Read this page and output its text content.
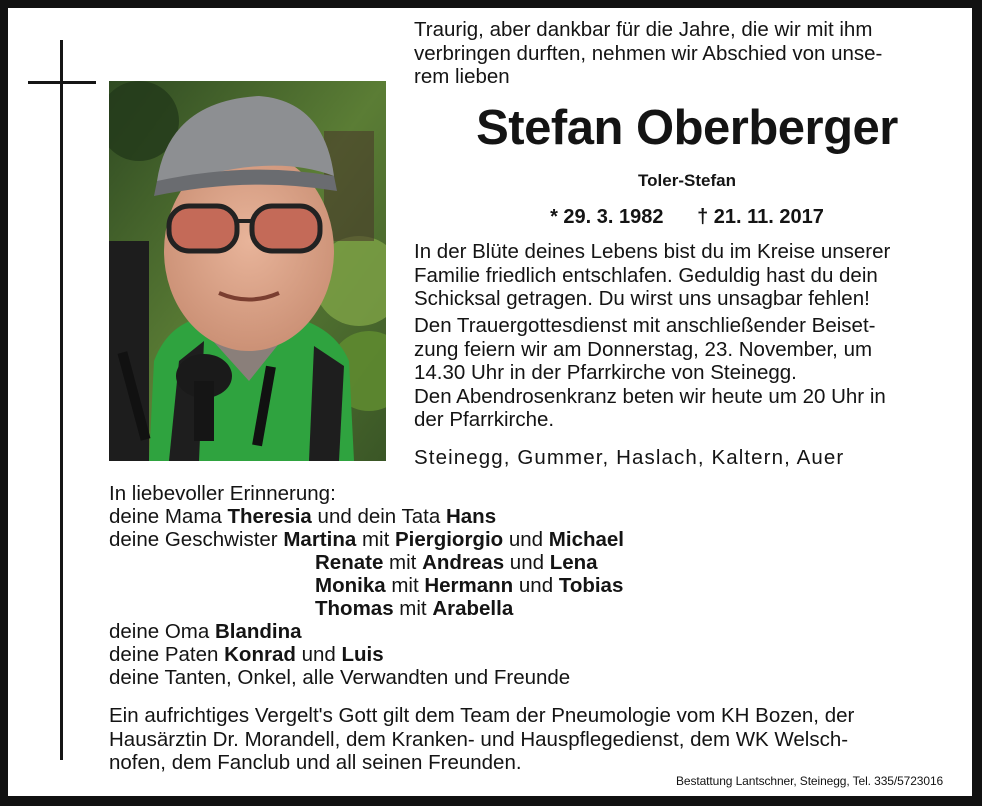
Traurig, aber dankbar für die Jahre, die wir mit ihm
verbringen durften, nehmen wir Abschied von unse-
rem lieben
Stefan Oberberger
Toler-Stefan
* 29. 3. 1982 † 21. 11. 2017
In der Blüte deines Lebens bist du im Kreise unserer
Familie friedlich entschlafen. Geduldig hast du dein
Schicksal getragen. Du wirst uns unsagbar fehlen!
Den Trauergottesdienst mit anschließender Beiset-
zung feiern wir am Donnerstag, 23. November, um
14.30 Uhr in der Pfarrkirche von Steinegg.
Den Abendrosenkranz beten wir heute um 20 Uhr in
der Pfarrkirche.
Steinegg, Gummer, Haslach, Kaltern, Auer
In liebevoller Erinnerung:
deine Mama Theresia und dein Tata Hans
deine Geschwister Martina mit Piergiorgio und Michael
Renate mit Andreas und Lena
Monika mit Hermann und Tobias
Thomas mit Arabella
deine Oma Blandina
deine Paten Konrad und Luis
deine Tanten, Onkel, alle Verwandten und Freunde
Ein aufrichtiges Vergelt's Gott gilt dem Team der Pneumologie vom KH Bozen, der
Hausärztin Dr. Morandell, dem Kranken- und Hauspflegedienst, dem WK Welsch-
nofen, dem Fanclub und all seinen Freunden.
Bestattung Lantschner, Steinegg, Tel. 335/5723016
